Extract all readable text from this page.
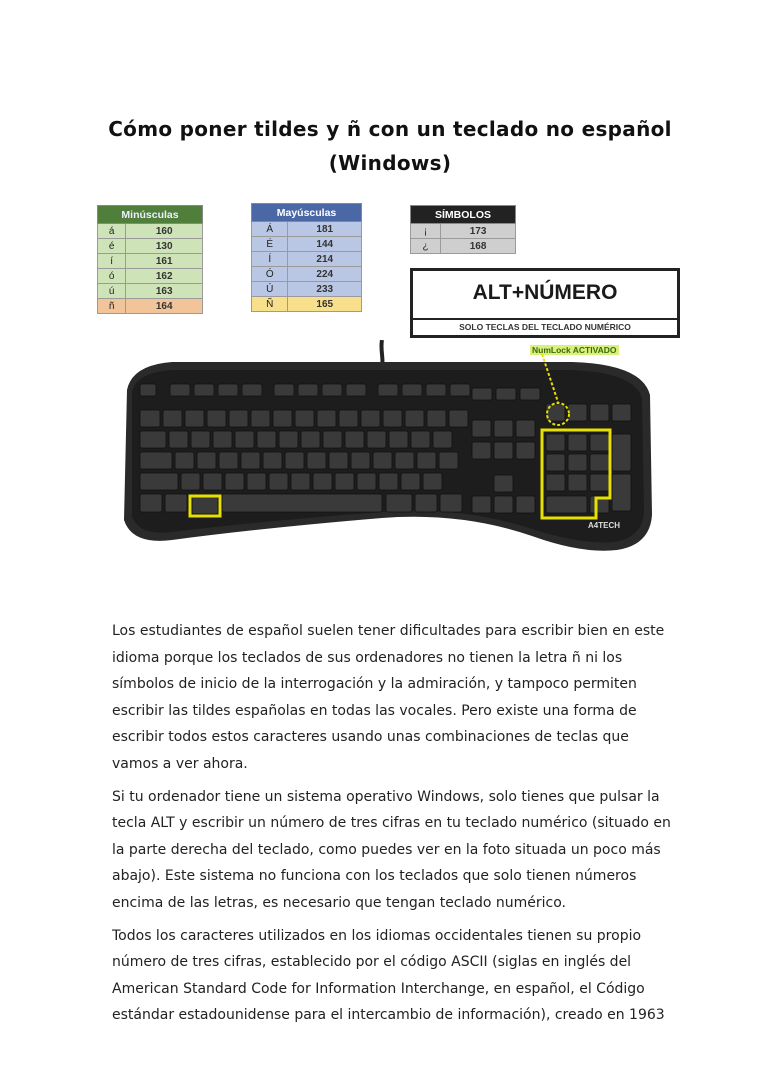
Cómo poner tildes y ñ con un teclado no español (Windows)
Minúsculas	
á	160
é	130
í	161
ó	162
ú	163
ñ	164
Mayúsculas	
Á	181
É	144
Í	214
Ó	224
Ú	233
Ñ	165
SÍMBOLOS	
¡	173
¿	168
ALT+NÚMERO
SOLO TECLAS DEL TECLADO NUMÉRICO
NumLock ACTIVADO
A4TECH

Los estudiantes de español suelen tener dificultades para escribir bien en este idioma porque los teclados de sus ordenadores no tienen la letra ñ ni los símbolos de inicio de la interrogación y la admiración, y tampoco permiten escribir las tildes españolas en todas las vocales. Pero existe una forma de escribir todos estos caracteres usando unas combinaciones de teclas que vamos a ver ahora.

Si tu ordenador tiene un sistema operativo Windows, solo tienes que pulsar la tecla ALT y escribir un número de tres cifras en tu teclado numérico (situado en la parte derecha del teclado, como puedes ver en la foto situada un poco más abajo). Este sistema no funciona con los teclados que solo tienen números encima de las letras, es necesario que tengan teclado numérico.

Todos los caracteres utilizados en los idiomas occidentales tienen su propio número de tres cifras, establecido por el código ASCII (siglas en inglés del American Standard Code for Information Interchange, en español, el Código estándar estadounidense para el intercambio de información), creado en 1963
